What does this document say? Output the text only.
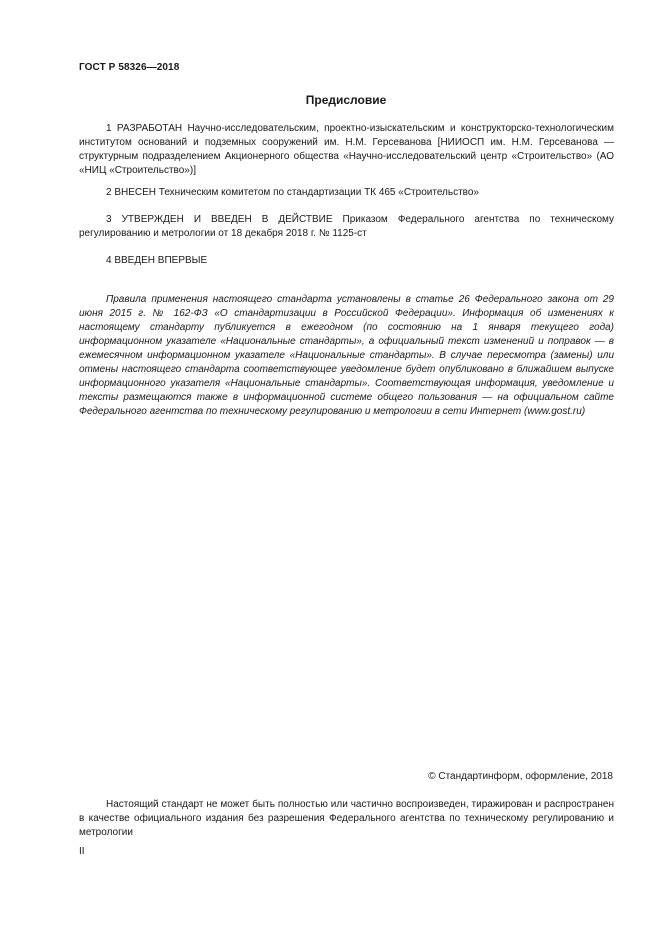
ГОСТ Р 58326—2018
Предисловие

1 РАЗРАБОТАН Научно-исследовательским, проектно-изыскательским и конструкторско-технологическим институтом оснований и подземных сооружений им. Н.М. Герсеванова [НИИОСП им. Н.М. Герсеванова — структурным подразделением Акционерного общества «Научно-исследовательский центр «Строительство» (АО «НИЦ «Строительство»)]

2 ВНЕСЕН Техническим комитетом по стандартизации ТК 465 «Строительство»

3 УТВЕРЖДЕН И ВВЕДЕН В ДЕЙСТВИЕ Приказом Федерального агентства по техническому регулированию и метрологии от 18 декабря 2018 г. № 1125-ст

4 ВВЕДЕН ВПЕРВЫЕ

Правила применения настоящего стандарта установлены в статье 26 Федерального закона от 29 июня 2015 г. № 162-ФЗ «О стандартизации в Российской Федерации». Информация об изменениях к настоящему стандарту публикуется в ежегодном (по состоянию на 1 января текущего года) информационном указателе «Национальные стандарты», а официальный текст изменений и поправок — в ежемесячном информационном указателе «Национальные стандарты». В случае пересмотра (замены) или отмены настоящего стандарта соответствующее уведомление будет опубликовано в ближайшем выпуске информационного указателя «Национальные стандарты». Соответствующая информация, уведомление и тексты размещаются также в информационной системе общего пользования — на официальном сайте Федерального агентства по техническому регулированию и метрологии в сети Интернет (www.gost.ru)

© Стандартинформ, оформление, 2018

Настоящий стандарт не может быть полностью или частично воспроизведен, тиражирован и распространен в качестве официального издания без разрешения Федерального агентства по техническому регулированию и метрологии

II
